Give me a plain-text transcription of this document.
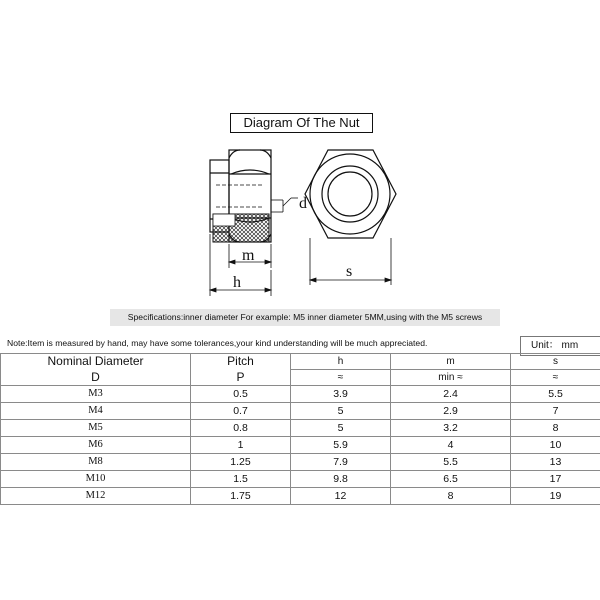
d
m
h
s
Diagram Of The Nut
Specifications:inner diameter For example: M5 inner diameter 5MM,using with the M5 screws
Note:Item is measured by hand, may have some tolerances,your kind understanding will be much appreciated.	Unit： mm
Nominal Diameter	Pitch	h	m	s
D	P	≈	min ≈	≈
M3	0.5	3.9	2.4	5.5
M4	0.7	5	2.9	7
M5	0.8	5	3.2	8
M6	1	5.9	4	10
M8	1.25	7.9	5.5	13
M10	1.5	9.8	6.5	17
M12	1.75	12	8	19
